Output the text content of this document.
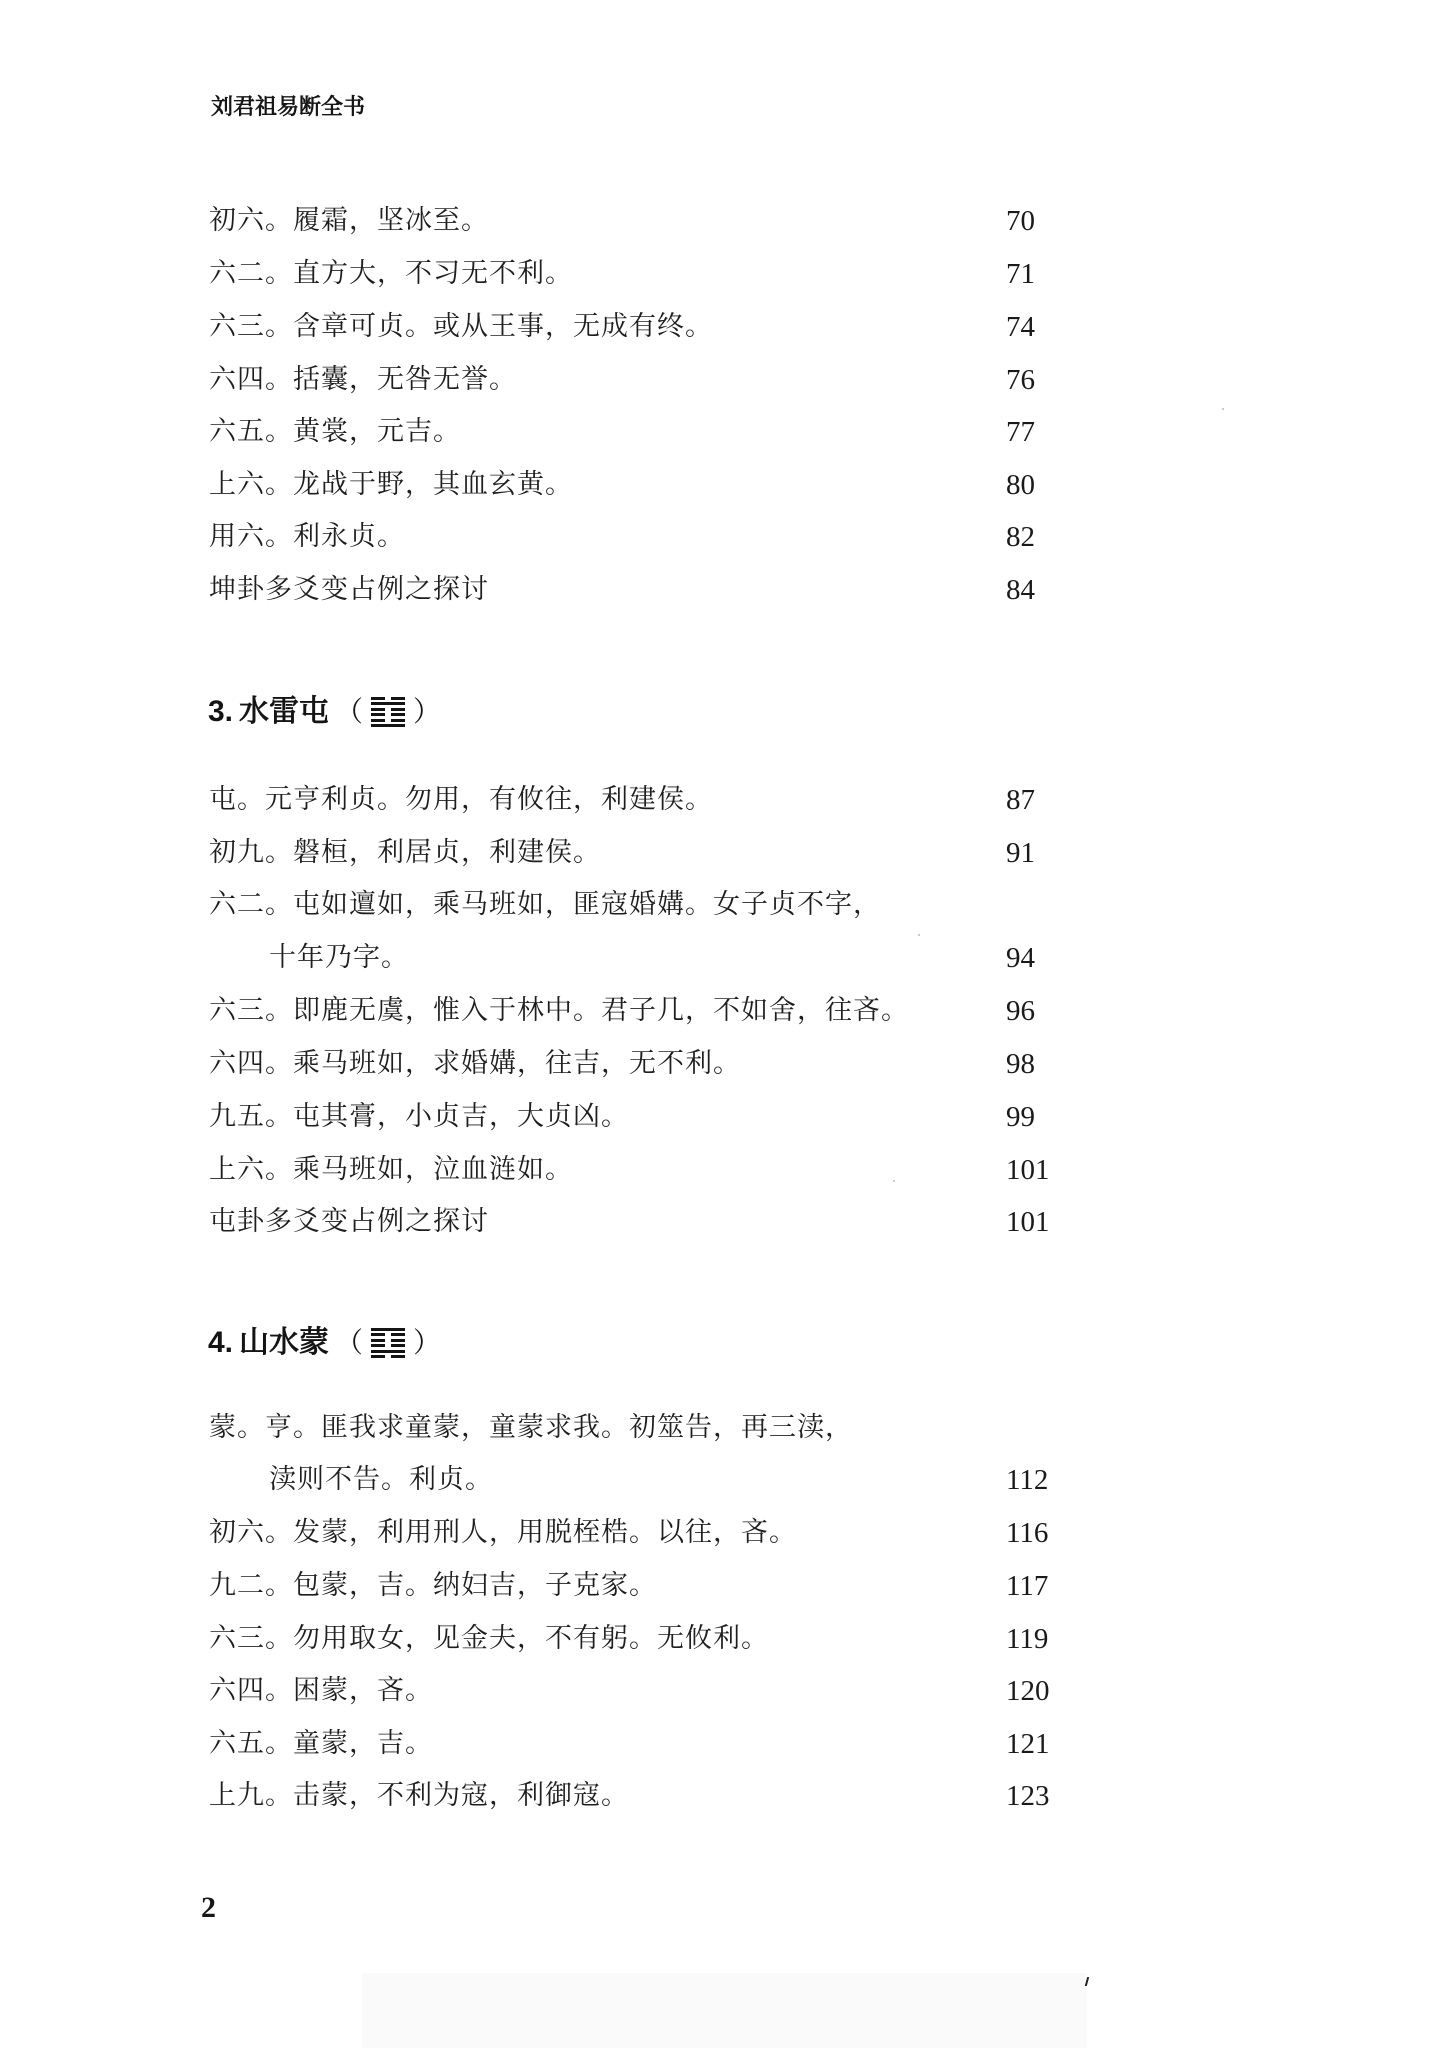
刘君祖易断全书
初六。履霜，坚冰至。	70
六二。直方大，不习无不利。	71
六三。含章可贞。或从王事，无成有终。	74
六四。括囊，无咎无誉。	76
六五。黄裳，元吉。	77
上六。龙战于野，其血玄黄。	80
用六。利永贞。	82
坤卦多爻变占例之探讨	84
3. 水雷屯 （ ）
屯。元亨利贞。勿用，有攸往，利建侯。	87
初九。磐桓，利居贞，利建侯。	91
六二。屯如邅如，乘马班如，匪寇婚媾。女子贞不字，
十年乃字。	94
六三。即鹿无虞，惟入于林中。君子几，不如舍，往吝。	96
六四。乘马班如，求婚媾，往吉，无不利。	98
九五。屯其膏，小贞吉，大贞凶。	99
上六。乘马班如，泣血涟如。	101
屯卦多爻变占例之探讨	101
4. 山水蒙 （ ）
蒙。亨。匪我求童蒙，童蒙求我。初筮告，再三渎，
渎则不告。利贞。	112
初六。发蒙，利用刑人，用脱桎梏。以往，吝。	116
九二。包蒙，吉。纳妇吉，子克家。	117
六三。勿用取女，见金夫，不有躬。无攸利。	119
六四。困蒙，吝。	120
六五。童蒙，吉。	121
上九。击蒙，不利为寇，利御寇。	123
2
